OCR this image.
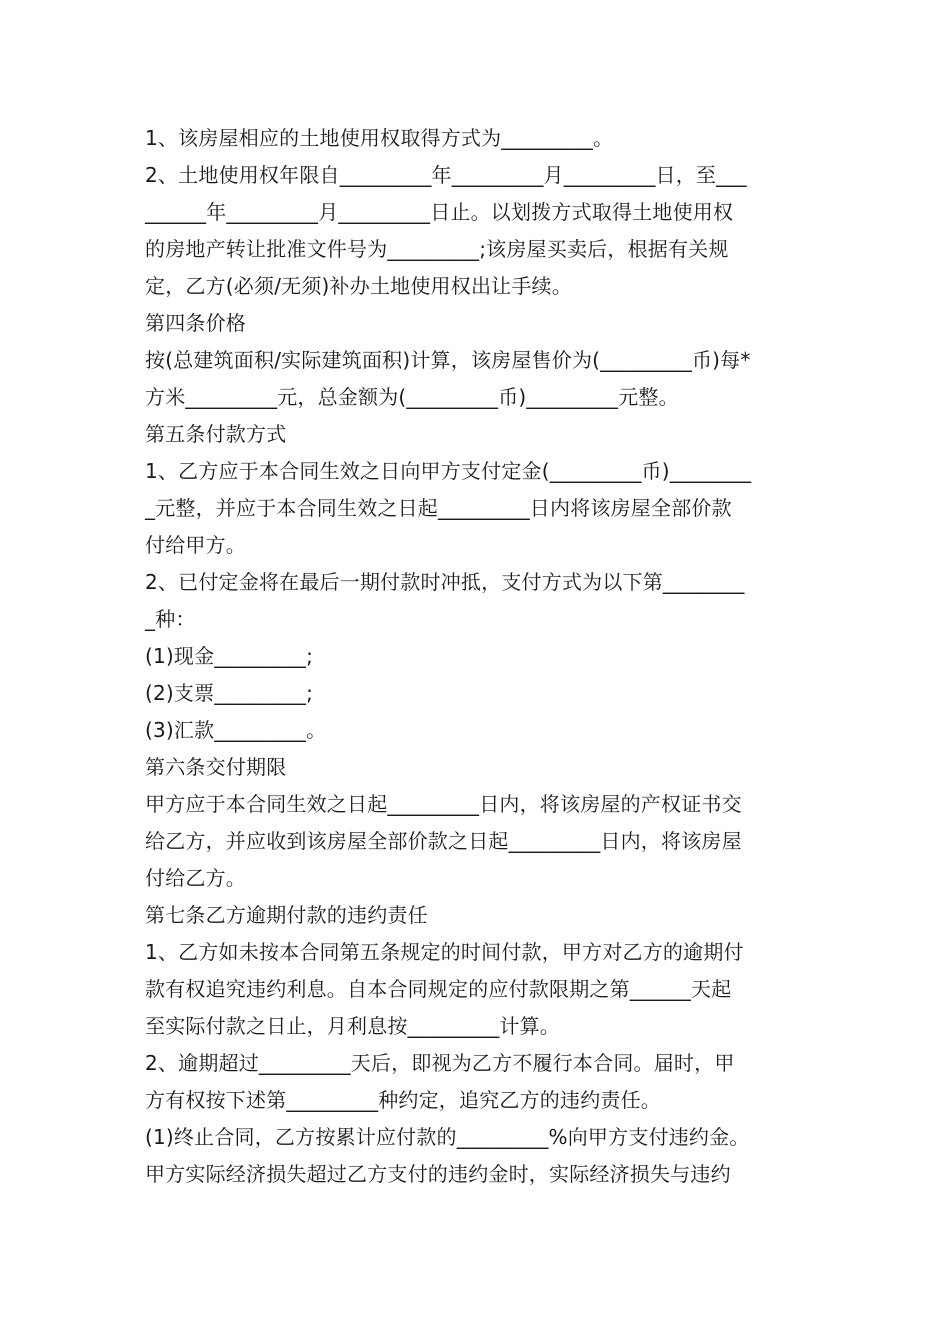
1、该房屋相应的土地使用权取得方式为_________。
2、土地使用权年限自_________年_________月_________日，至___
______年_________月_________日止。以划拨方式取得土地使用权
的房地产转让批准文件号为_________;该房屋买卖后，根据有关规
定，乙方(必须/无须)补办土地使用权出让手续。
第四条价格
按(总建筑面积/实际建筑面积)计算，该房屋售价为(_________币)每*
方米_________元，总金额为(_________币)_________元整。
第五条付款方式
1、乙方应于本合同生效之日向甲方支付定金(_________币)________
_元整，并应于本合同生效之日起_________日内将该房屋全部价款
付给甲方。
2、已付定金将在最后一期付款时冲抵，支付方式为以下第________
_种：
(1)现金_________;
(2)支票_________;
(3)汇款_________。
第六条交付期限
甲方应于本合同生效之日起_________日内，将该房屋的产权证书交
给乙方，并应收到该房屋全部价款之日起_________日内，将该房屋
付给乙方。
第七条乙方逾期付款的违约责任
1、乙方如未按本合同第五条规定的时间付款，甲方对乙方的逾期付
款有权追究违约利息。自本合同规定的应付款限期之第______天起
至实际付款之日止，月利息按_________计算。
2、逾期超过_________天后，即视为乙方不履行本合同。届时，甲
方有权按下述第_________种约定，追究乙方的违约责任。
(1)终止合同，乙方按累计应付款的_________%向甲方支付违约金。
甲方实际经济损失超过乙方支付的违约金时，实际经济损失与违约
